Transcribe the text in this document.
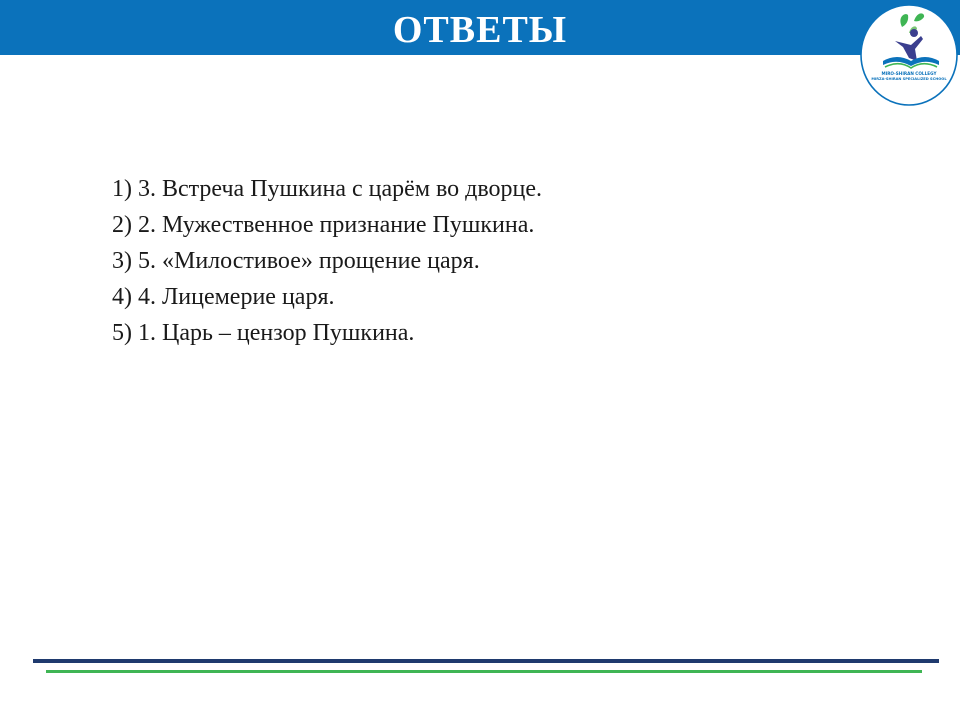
ОТВЕТЫ
MIRO-SHIRAN COLLEGY
MIRZA-SHIRAN SPECIALIZED SCHOOL
1) 3. Встреча Пушкина с царём во дворце.
2) 2. Мужественное признание Пушкина.
3) 5. «Милостивое» прощение царя.
4) 4. Лицемерие царя.
5) 1. Царь – цензор Пушкина.
